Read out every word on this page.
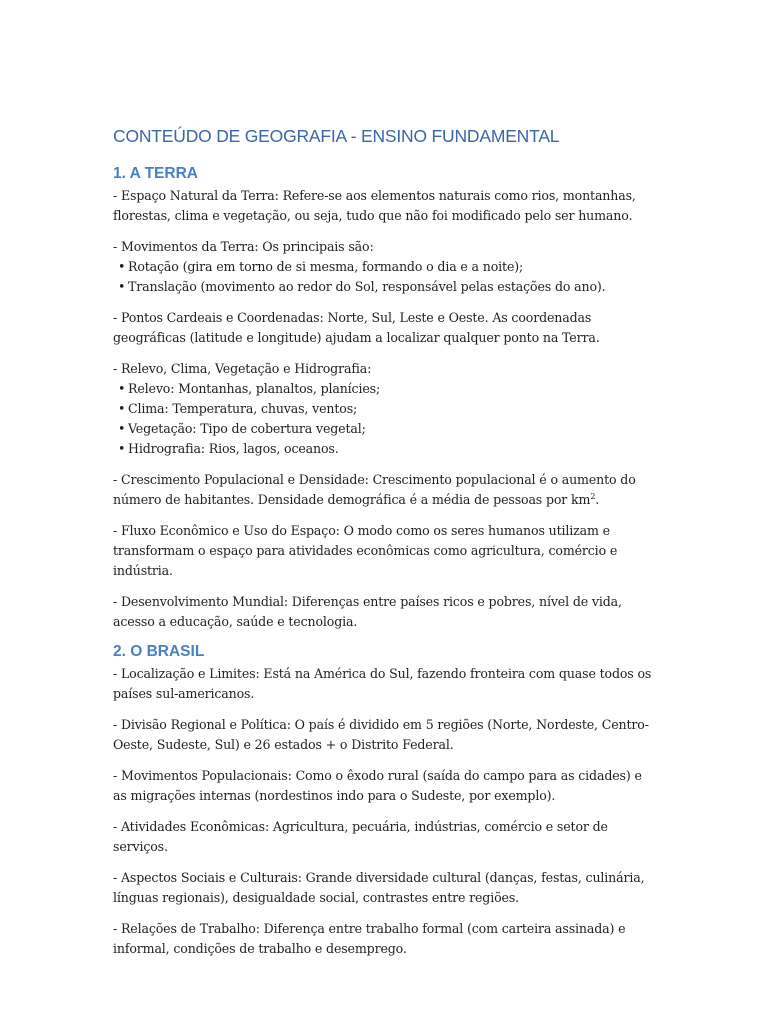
CONTEÚDO DE GEOGRAFIA - ENSINO FUNDAMENTAL
1. A TERRA

- Espaço Natural da Terra: Refere-se aos elementos naturais como rios, montanhas, florestas, clima e vegetação, ou seja, tudo que não foi modificado pelo ser humano.

- Movimentos da Terra: Os principais são:
• Rotação (gira em torno de si mesma, formando o dia e a noite);
• Translação (movimento ao redor do Sol, responsável pelas estações do ano).

- Pontos Cardeais e Coordenadas: Norte, Sul, Leste e Oeste. As coordenadas geográficas (latitude e longitude) ajudam a localizar qualquer ponto na Terra.

- Relevo, Clima, Vegetação e Hidrografia:
• Relevo: Montanhas, planaltos, planícies;
• Clima: Temperatura, chuvas, ventos;
• Vegetação: Tipo de cobertura vegetal;
• Hidrografia: Rios, lagos, oceanos.

- Crescimento Populacional e Densidade: Crescimento populacional é o aumento do número de habitantes. Densidade demográfica é a média de pessoas por $km^2$.

- Fluxo Econômico e Uso do Espaço: O modo como os seres humanos utilizam e transformam o espaço para atividades econômicas como agricultura, comércio e indústria.

- Desenvolvimento Mundial: Diferenças entre países ricos e pobres, nível de vida, acesso a educação, saúde e tecnologia.

2. O BRASIL

- Localização e Limites: Está na América do Sul, fazendo fronteira com quase todos os países sul-americanos.

- Divisão Regional e Política: O país é dividido em 5 regiões (Norte, Nordeste, Centro-Oeste, Sudeste, Sul) e 26 estados + o Distrito Federal.

- Movimentos Populacionais: Como o êxodo rural (saída do campo para as cidades) e as migrações internas (nordestinos indo para o Sudeste, por exemplo).

- Atividades Econômicas: Agricultura, pecuária, indústrias, comércio e setor de serviços.

- Aspectos Sociais e Culturais: Grande diversidade cultural (danças, festas, culinária, línguas regionais), desigualdade social, contrastes entre regiões.

- Relações de Trabalho: Diferença entre trabalho formal (com carteira assinada) e informal, condições de trabalho e desemprego.
